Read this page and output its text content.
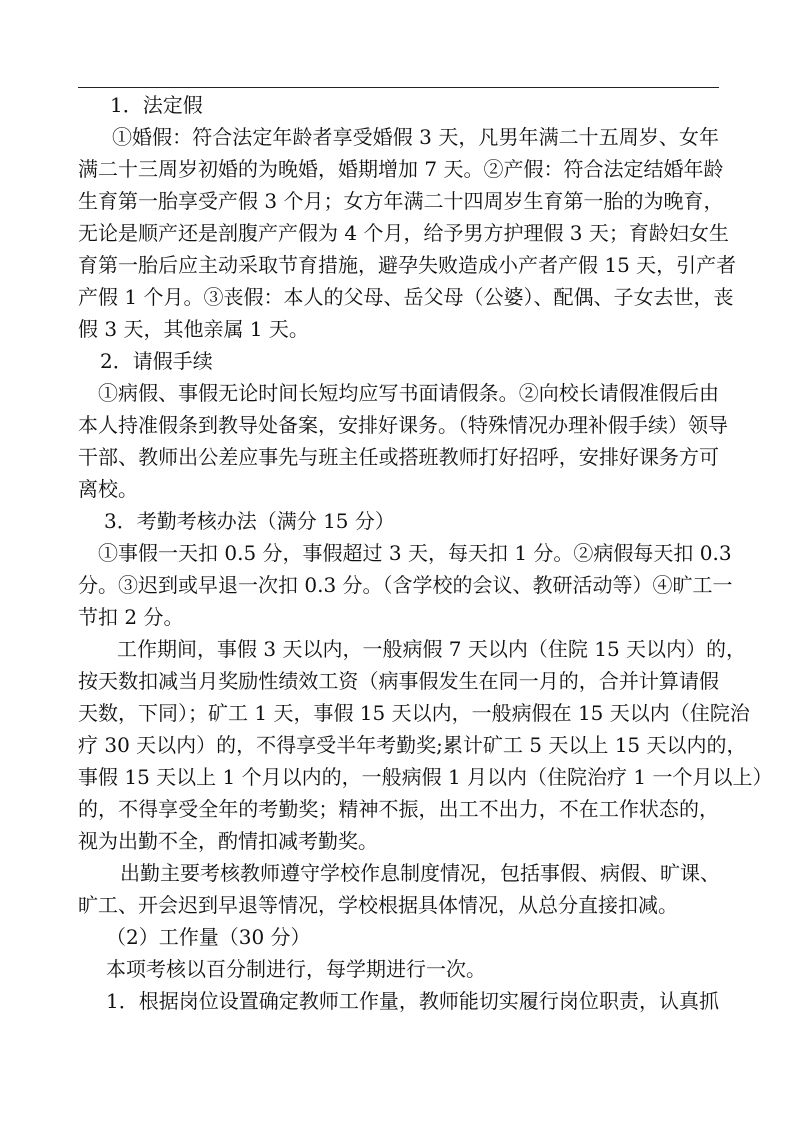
1．法定假
①婚假：符合法定年龄者享受婚假 3 天，凡男年满二十五周岁、女年
满二十三周岁初婚的为晚婚，婚期增加 7 天。②产假：符合法定结婚年龄
生育第一胎享受产假 3 个月；女方年满二十四周岁生育第一胎的为晚育，
无论是顺产还是剖腹产产假为 4 个月，给予男方护理假 3 天；育龄妇女生
育第一胎后应主动采取节育措施，避孕失败造成小产者产假 15 天，引产者
产假 1 个月。③丧假：本人的父母、岳父母（公婆）、配偶、子女去世，丧
假 3 天，其他亲属 1 天。
2．请假手续
①病假、事假无论时间长短均应写书面请假条。②向校长请假准假后由
本人持准假条到教导处备案，安排好课务。（特殊情况办理补假手续）领导
干部、教师出公差应事先与班主任或搭班教师打好招呼，安排好课务方可
离校。
3．考勤考核办法（满分 15 分）
①事假一天扣 0.5 分，事假超过 3 天，每天扣 1 分。②病假每天扣 0.3
分。③迟到或早退一次扣 0.3 分。（含学校的会议、教研活动等）④旷工一
节扣 2 分。
工作期间，事假 3 天以内，一般病假 7 天以内（住院 15 天以内）的，
按天数扣减当月奖励性绩效工资（病事假发生在同一月的，合并计算请假
天数，下同）；矿工 1 天，事假 15 天以内，一般病假在 15 天以内（住院治
疗 30 天以内）的，不得享受半年考勤奖;累计矿工 5 天以上 15 天以内的，
事假 15 天以上 1 个月以内的，一般病假 1 月以内（住院治疗 1 一个月以上）
的，不得享受全年的考勤奖；精神不振，出工不出力，不在工作状态的，
视为出勤不全，酌情扣减考勤奖。
出勤主要考核教师遵守学校作息制度情况，包括事假、病假、旷课、
旷工、开会迟到早退等情况，学校根据具体情况，从总分直接扣减。
（2）工作量（30 分）
本项考核以百分制进行，每学期进行一次。
1．根据岗位设置确定教师工作量，教师能切实履行岗位职责，认真抓
